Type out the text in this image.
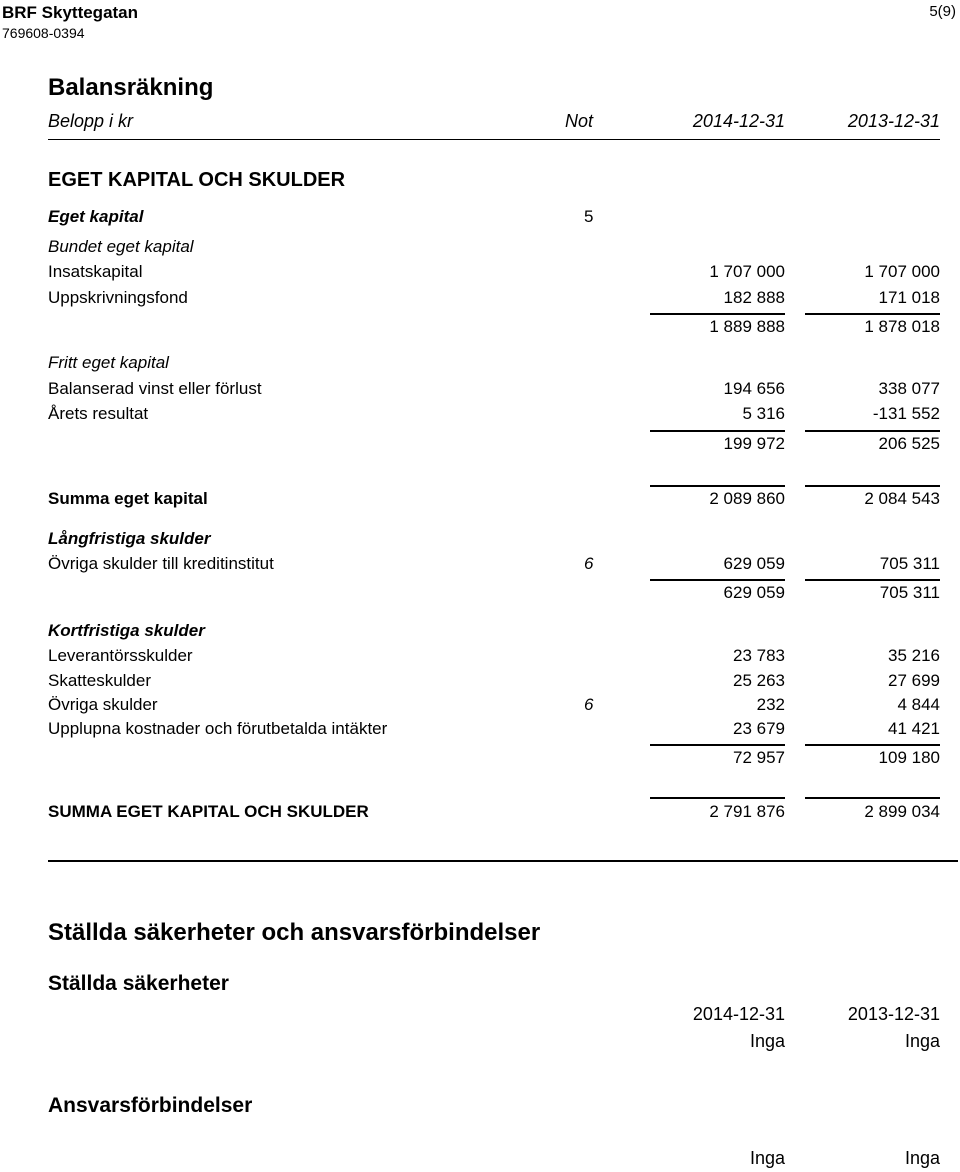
BRF Skyttegatan
769608-0394
5(9)
Balansräkning
Belopp i kr	Not	2014-12-31	2013-12-31
EGET KAPITAL OCH SKULDER
Eget kapital	5
Bundet eget kapital
Insatskapital	1 707 000	1 707 000
Uppskrivningsfond	182 888	171 018
1 889 888	1 878 018
Fritt eget kapital
Balanserad vinst eller förlust	194 656	338 077
Årets resultat	5 316	-131 552
199 972	206 525
Summa eget kapital	2 089 860	2 084 543
Långfristiga skulder
Övriga skulder till kreditinstitut	6	629 059	705 311
629 059	705 311
Kortfristiga skulder
Leverantörsskulder	23 783	35 216
Skatteskulder	25 263	27 699
Övriga skulder	6	232	4 844
Upplupna kostnader och förutbetalda intäkter	23 679	41 421
72 957	109 180
SUMMA EGET KAPITAL OCH SKULDER	2 791 876	2 899 034
Ställda säkerheter och ansvarsförbindelser
Ställda säkerheter
2014-12-31	2013-12-31
Inga	Inga
Ansvarsförbindelser
Inga	Inga
